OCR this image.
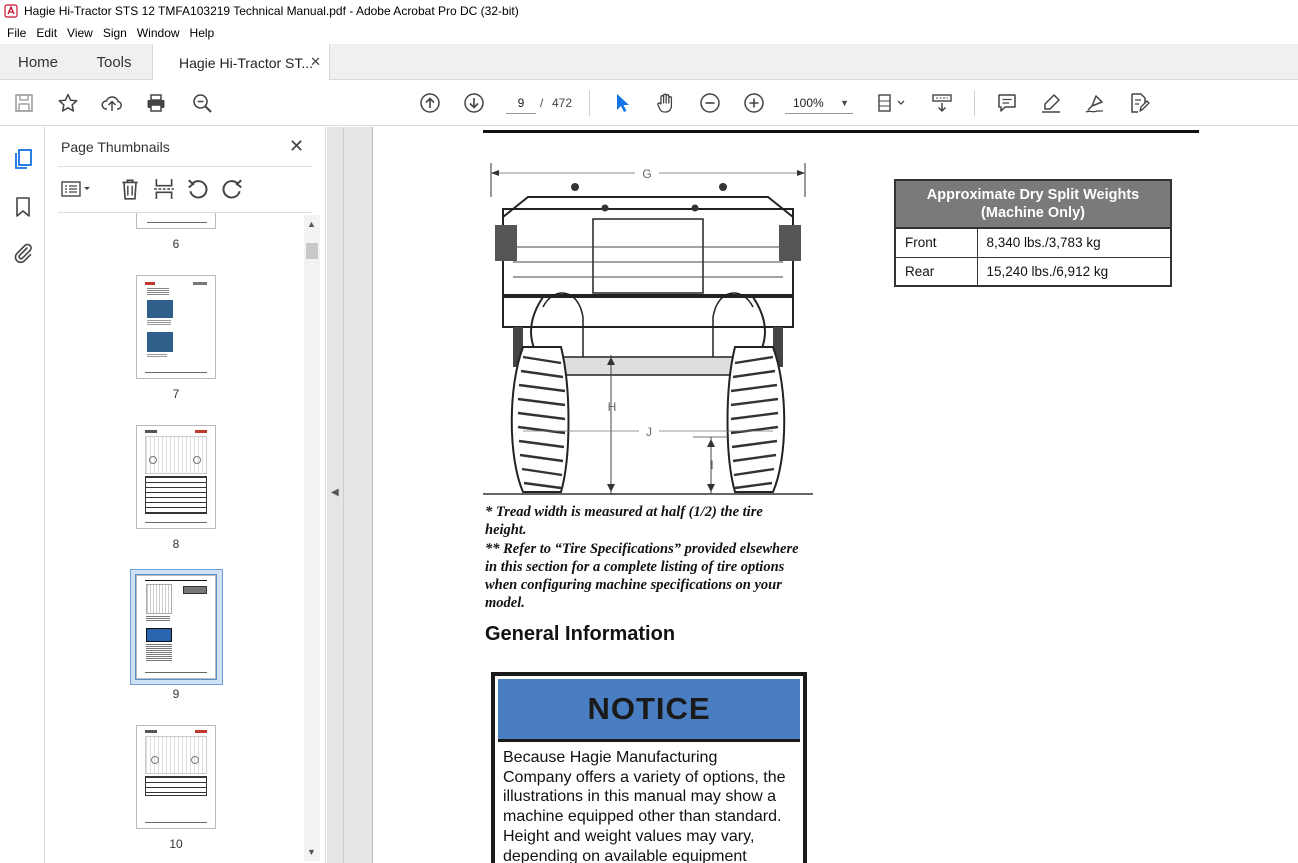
Hagie Hi-Tractor STS 12 TMFA103219 Technical Manual.pdf - Adobe Acrobat Pro DC (32-bit)
File Edit View Sign Window Help
Home	Tools	Hagie Hi-Tractor ST...
✕
9	/ 472	100% ▼
Page Thumbnails	✕
6
7
8
9
10
▲
▼
◀
G
H
J
I
* Tread width is measured at half (1/2) the tire
height.
** Refer to “Tire Specifications” provided elsewhere
in this section for a complete listing of tire options
when configuring machine specifications on your
model.
General Information
NOTICE
Because Hagie Manufacturing
Company offers a variety of options, the
illustrations in this manual may show a
machine equipped other than standard.
Height and weight values may vary,
depending on available equipment
Approximate Dry Split Weights
(Machine Only)	
Front	8,340 lbs./3,783 kg
Rear	15,240 lbs./6,912 kg
